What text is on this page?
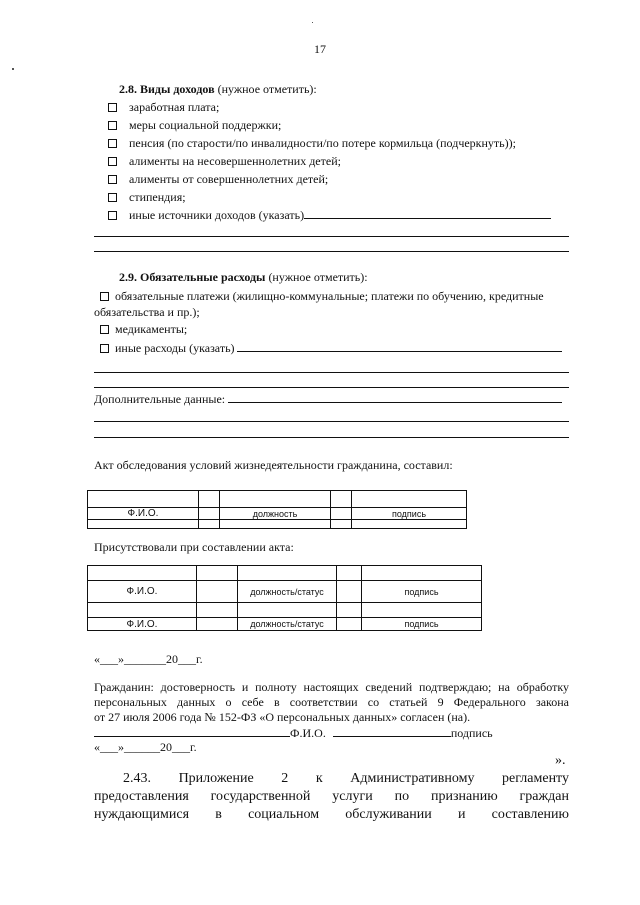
17
2.8. Виды доходов (нужное отметить):
заработная плата;
меры социальной поддержки;
пенсия (по старости/по инвалидности/по потере кормильца (подчеркнуть));
алименты на несовершеннолетних детей;
алименты от совершеннолетних детей;
стипендия;
иные источники доходов (указать)
2.9. Обязательные расходы (нужное отметить):
обязательные платежи (жилищно-коммунальные; платежи по обучению, кредитные
обязательства и пр.);
медикаменты;
иные расходы (указать)
Дополнительные данные:
Акт обследования условий жизнедеятельности гражданина, составил:

Ф.И.О.		должность		подпись

Присутствовали при составлении акта:

Ф.И.О.		должность/статус		подпись

Ф.И.О.		должность/статус		подпись
«___»_______20___г.
Гражданин: достоверность и полноту настоящих сведений подтверждаю; на обработку
персональных данных о себе в соответствии со статьей 9 Федерального закона
от 27 июля 2006 года № 152-ФЗ «О персональных данных» согласен (на).
Ф.И.О.	подпись
«___»______20___г.
».
2.43. Приложение 2 к Административному регламенту
предоставления государственной услуги по признанию граждан
нуждающимися в социальном обслуживании и составлению
